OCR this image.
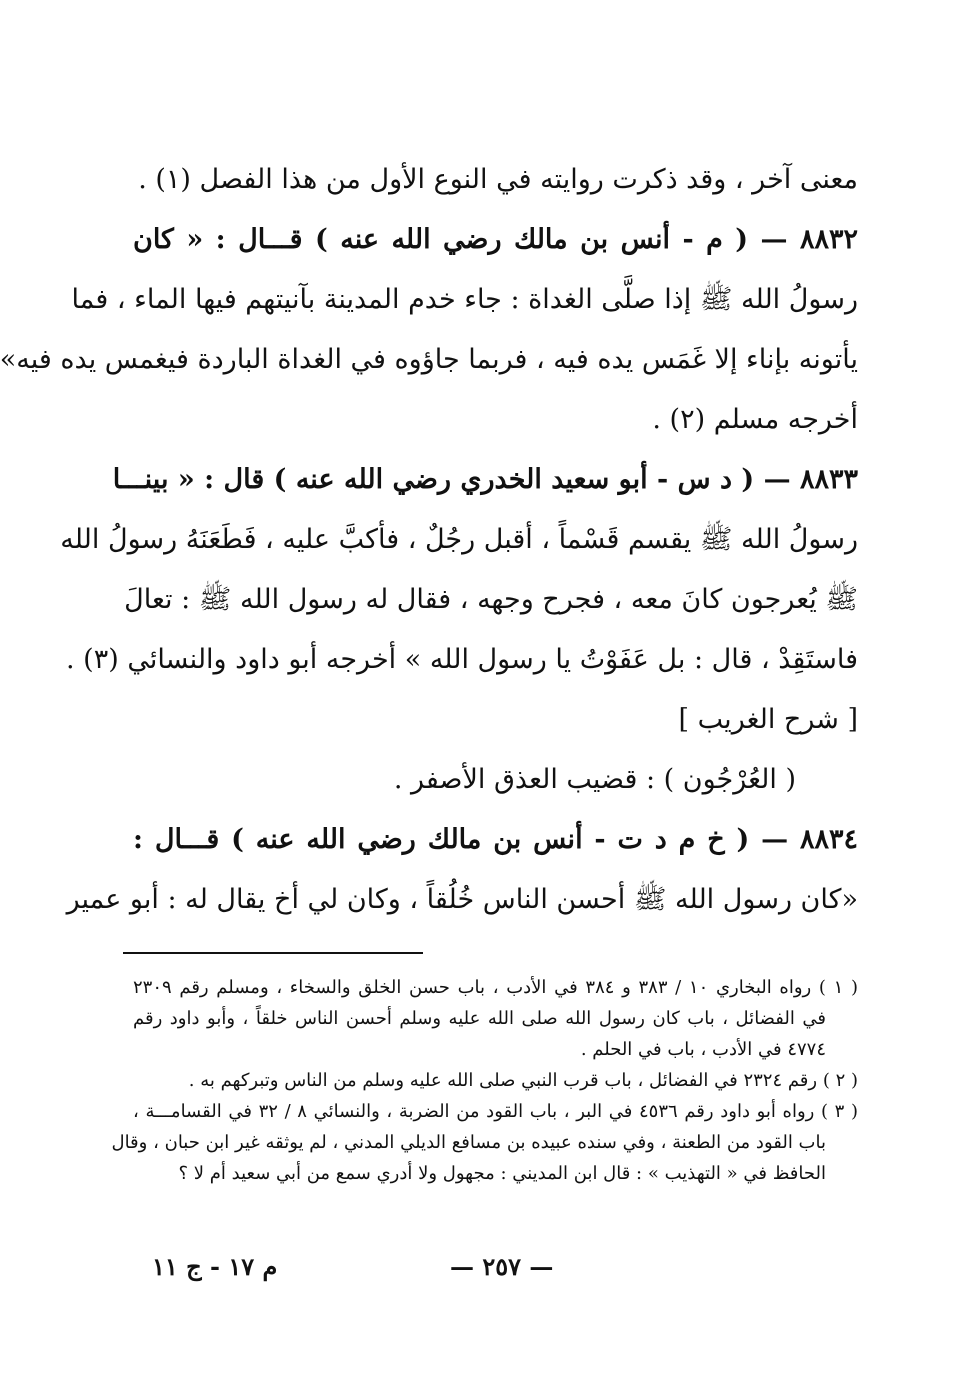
معنى آخر ، وقد ذكرت روايته في النوع الأول من هذا الفصل (١) .
٨٨٣٢ — ( م - أنس بن مالك رضي الله عنه ) قـــال : « كان
رسولُ الله ﷺ إذا صلَّى الغداة : جاء خدم المدينة بآنيتهم فيها الماء ، فما
يأتونه بإناء إلا غَمَس يده فيه ، فربما جاؤوه في الغداة الباردة فيغمس يده فيه»
أخرجه مسلم (٢) .
٨٨٣٣ — ( د س - أبو سعيد الخدري رضي الله عنه ) قال : « بينـــا
رسولُ الله ﷺ يقسم قَسْماً ، أقبل رجُلٌ ، فأكبَّ عليه ، فَطَعَنَهُ رسولُ الله
ﷺ يُعرجون كانَ معه ، فجرح وجهه ، فقال له رسول الله ﷺ : تعالَ
فاستَقِدْ ، قال : بل عَفَوْتُ يا رسول الله » أخرجه أبو داود والنسائي (٣) .
[ شرح الغريب ]
( العُرْجُون ) : قضيب العذق الأصفر .
٨٨٣٤ — ( خ م د ت - أنس بن مالك رضي الله عنه ) قـــال :
«كان رسول الله ﷺ أحسن الناس خُلُقاً ، وكان لي أخ يقال له : أبو عمير
( ١ ) رواه البخاري ١٠ / ٣٨٣ و ٣٨٤ في الأدب ، باب حسن الخلق والسخاء ، ومسلم رقم ٢٣٠٩
في الفضائل ، باب كان رسول الله صلى الله عليه وسلم أحسن الناس خلقاً ، وأبو داود رقم
٤٧٧٤ في الأدب ، باب في الحلم .
( ٢ ) رقم ٢٣٢٤ في الفضائل ، باب قرب النبي صلى الله عليه وسلم من الناس وتبركهم به .
( ٣ ) رواه أبو داود رقم ٤٥٣٦ في البر ، باب القود من الضربة ، والنسائي ٨ / ٣٢ في القسامـــة ،
باب القود من الطعنة ، وفي سنده عبيده بن مسافع الديلي المدني ، لم يوثقه غير ابن حبان ، وقال
الحافظ في « التهذيب » : قال ابن المديني : مجهول ولا أدري سمع من أبي سعيد أم لا ؟
— ٢٥٧ —
م ١٧ - ج ١١
